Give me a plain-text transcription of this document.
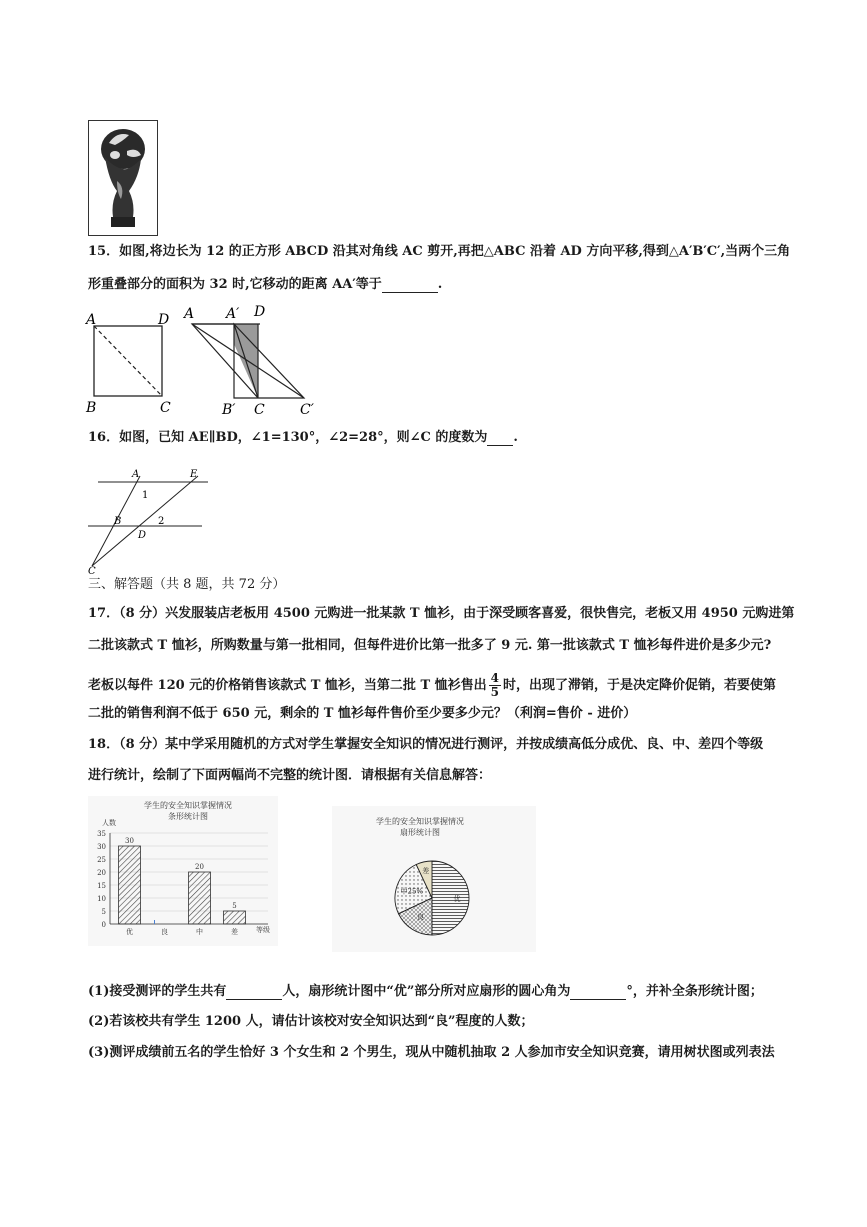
15．如图,将边长为 12 的正方形 ABCD 沿其对角线 AC 剪开,再把△ABC 沿着 AD 方向平移,得到△A′B′C′,当两个三角
形重叠部分的面积为 32 时,它移动的距离 AA′等于	.
A	D
B	C
A A′ D
B′ C	C′
16．如图，已知 AE∥BD，∠1=130°，∠2=28°，则∠C 的度数为 .
A	E
1
B	2
D
C
三、解答题（共 8 题，共 72 分）
17．（8 分）兴发服装店老板用 4500 元购进一批某款 T 恤衫，由于深受顾客喜爱，很快售完，老板又用 4950 元购进第
二批该款式 T 恤衫，所购数量与第一批相同，但每件进价比第一批多了 9 元. 第一批该款式 T 恤衫每件进价是多少元?
老板以每件 120 元的价格销售该款式 T 恤衫，当第二批 T 恤衫售出 $\frac{4}{5}$ 时，出现了滞销，于是决定降价促销，若要使第
二批的销售利润不低于 650 元，剩余的 T 恤衫每件售价至少要多少元？（利润=售价 - 进价）
18．（8 分）某中学采用随机的方式对学生掌握安全知识的情况进行测评，并按成绩高低分成优、良、中、差四个等级
进行统计，绘制了下面两幅尚不完整的统计图．请根据有关信息解答：
学生的安全知识掌握情况
条形统计图
人数
0
5
10
15
20
25
30
35
30
优	良
20
中
5
差	等级
学生的安全知识掌握情况
扇形统计图
优
良
中25%
差
(1)接受测评的学生共有	人，扇形统计图中“优”部分所对应扇形的圆心角为	°，并补全条形统计图；
(2)若该校共有学生 1200 人，请估计该校对安全知识达到“良”程度的人数；
(3)测评成绩前五名的学生恰好 3 个女生和 2 个男生，现从中随机抽取 2 人参加市安全知识竞赛，请用树状图或列表法
